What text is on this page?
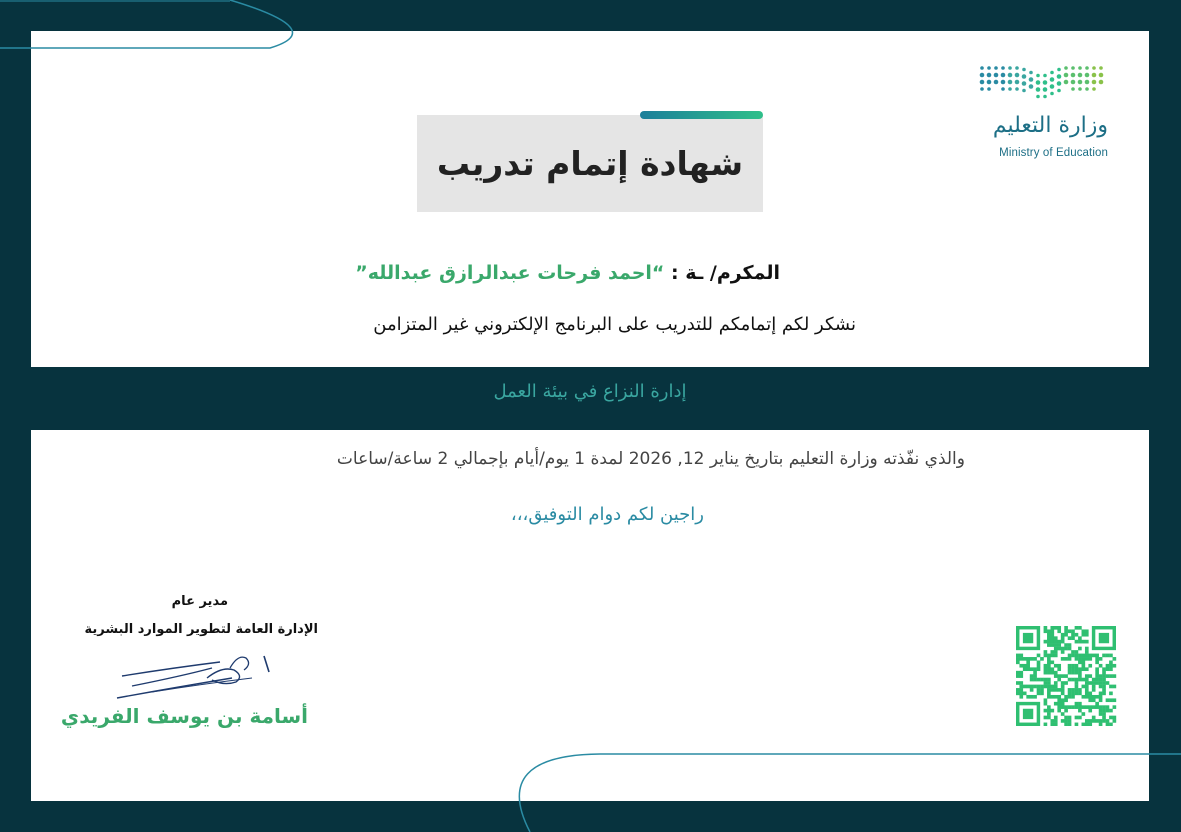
وزارة التعليم
Ministry of Education
شهادة إتمام تدريب
المكرم/ ـة : “احمد فرحات عبدالرازق عبدالله”
نشكر لكم إتمامكم للتدريب على البرنامج الإلكتروني غير المتزامن
إدارة النزاع في بيئة العمل
والذي نفّذته وزارة التعليم بتاريخ يناير 12, 2026 لمدة 1 يوم/أيام بإجمالي 2 ساعة/ساعات
راجين لكم دوام التوفيق،،،
مدير عام
الإدارة العامة لتطوير الموارد البشرية
أسامة بن يوسف الفريدي
